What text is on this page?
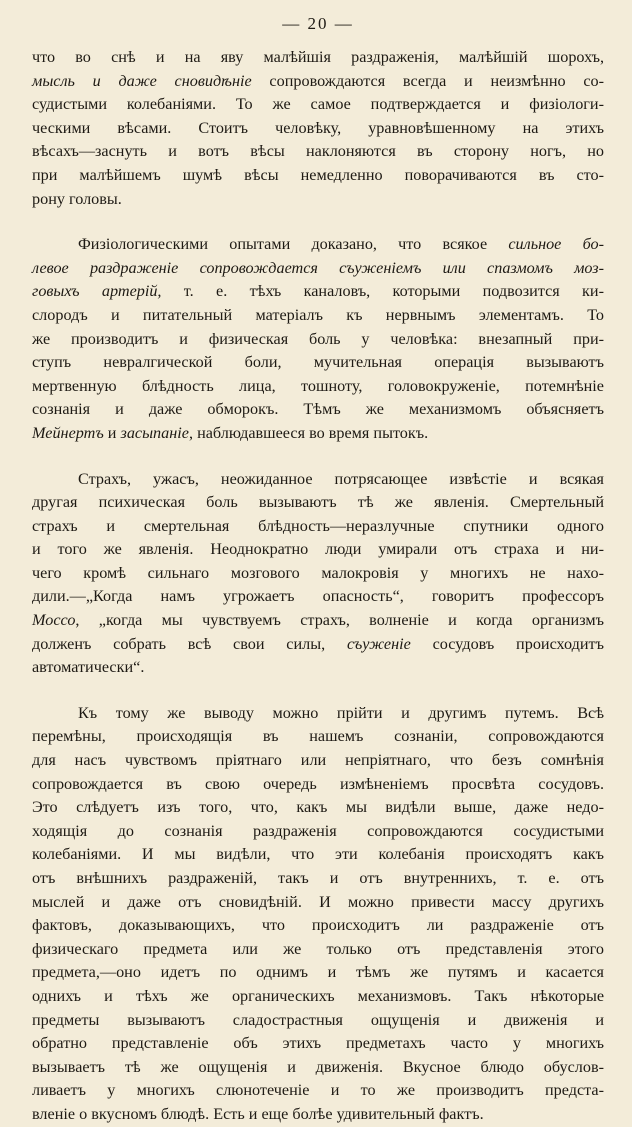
— 20 —
что во снѣ и на яву малѣйшія раздраженія, малѣйшій шорохъ,
мысль и даже сновидѣніе сопровождаются всегда и неизмѣнно со-
судистыми колебаніями. То же самое подтверждается и физіологи-
ческими вѣсами. Стоитъ человѣку, уравновѣшенному на этихъ
вѣсахъ—заснуть и вотъ вѣсы наклоняются въ сторону ногъ, но
при малѣйшемъ шумѣ вѣсы немедленно поворачиваются въ сто-
рону головы.
Физіологическими опытами доказано, что всякое сильное бо-
левое раздраженіе сопровождается съуженіемъ или спазмомъ моз-
говыхъ артерій, т. е. тѣхъ каналовъ, которыми подвозится ки-
слородъ и питательный матеріалъ къ нервнымъ элементамъ. То
же производитъ и физическая боль у человѣка: внезапный при-
ступъ невралгической боли, мучительная операція вызываютъ
мертвенную блѣдность лица, тошноту, головокруженіе, потемнѣніе
сознанія и даже обморокъ. Тѣмъ же механизмомъ объясняетъ
Мейнертъ и засыпаніе, наблюдавшееся во время пытокъ.
Страхъ, ужасъ, неожиданное потрясающее извѣстіе и всякая
другая психическая боль вызываютъ тѣ же явленія. Смертельный
страхъ и смертельная блѣдность—неразлучные спутники одного
и того же явленія. Неоднократно люди умирали отъ страха и ни-
чего кромѣ сильнаго мозгового малокровія у многихъ не нахо-
дили.—„Когда намъ угрожаетъ опасность“, говоритъ профессоръ
Моссо, „когда мы чувствуемъ страхъ, волненіе и когда организмъ
долженъ собрать всѣ свои силы, съуженіе сосудовъ происходитъ
автоматически“.
Къ тому же выводу можно прійти и другимъ путемъ. Всѣ
перемѣны, происходящія въ нашемъ сознаніи, сопровождаются
для насъ чувствомъ пріятнаго или непріятнаго, что безъ сомнѣнія
сопровождается въ свою очередь измѣненіемъ просвѣта сосудовъ.
Это слѣдуетъ изъ того, что, какъ мы видѣли выше, даже недо-
ходящія до сознанія раздраженія сопровождаются сосудистыми
колебаніями. И мы видѣли, что эти колебанія происходятъ какъ
отъ внѣшнихъ раздраженій, такъ и отъ внутреннихъ, т. е. отъ
мыслей и даже отъ сновидѣній. И можно привести массу другихъ
фактовъ, доказывающихъ, что происходитъ ли раздраженіе отъ
физическаго предмета или же только отъ представленія этого
предмета,—оно идетъ по однимъ и тѣмъ же путямъ и касается
однихъ и тѣхъ же органическихъ механизмовъ. Такъ нѣкоторые
предметы вызываютъ сладострастныя ощущенія и движенія и
обратно представленіе объ этихъ предметахъ часто у многихъ
вызываетъ тѣ же ощущенія и движенія. Вкусное блюдо обуслов-
ливаетъ у многихъ слюнотеченіе и то же производитъ предста-
вленіе о вкусномъ блюдѣ. Есть и еще болѣе удивительный фактъ.
